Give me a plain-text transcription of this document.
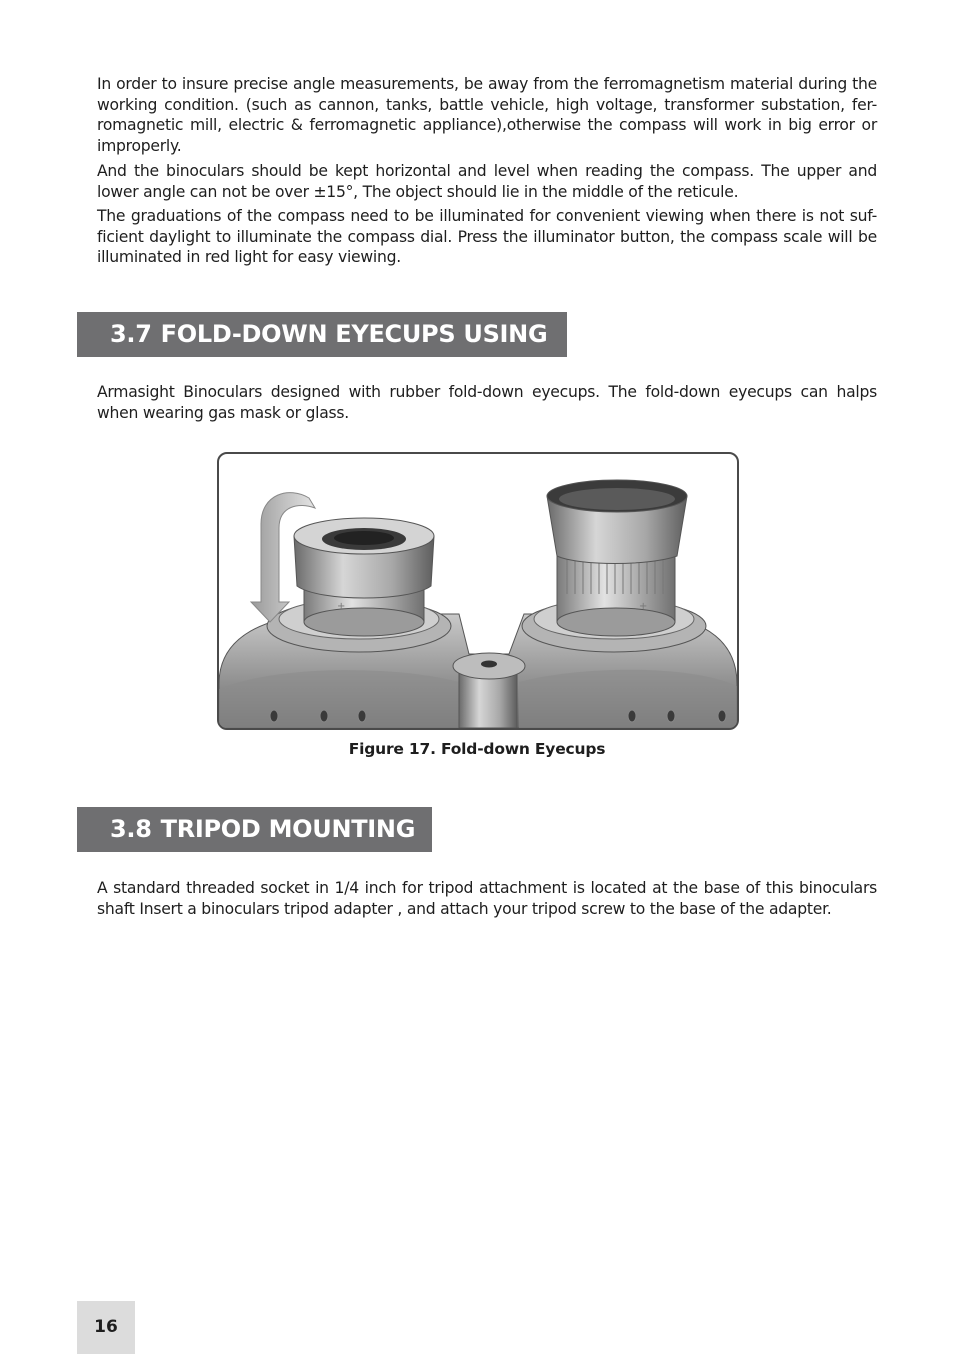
In order to insure precise angle measurements, be away from the ferromagnetism material during the working condition. (such as cannon, tanks, battle vehicle, high voltage, transformer substation, fer-romagnetic mill, electric & ferromagnetic appliance),otherwise the compass will work in big error or improperly.

And the binoculars should be kept horizontal and level when reading the compass. The upper and lower angle can not be over ±15°, The object should lie in the middle of the reticule.

The graduations of the compass need to be illuminated for convenient viewing when there is not suf-ficient daylight to illuminate the compass dial. Press the illuminator button, the compass scale will be illuminated in red light for easy viewing.

3.7 FOLD-DOWN EYECUPS USING

Armasight Binoculars designed with rubber fold-down eyecups. The fold-down eyecups can halps when wearing gas mask or glass.

+	+
Figure 17. Fold-down Eyecups
3.8 TRIPOD MOUNTING

A standard threaded socket in 1/4 inch for tripod attachment is located at the base of this binoculars shaft Insert a binoculars tripod adapter , and attach your tripod screw to the base of the adapter.

16
